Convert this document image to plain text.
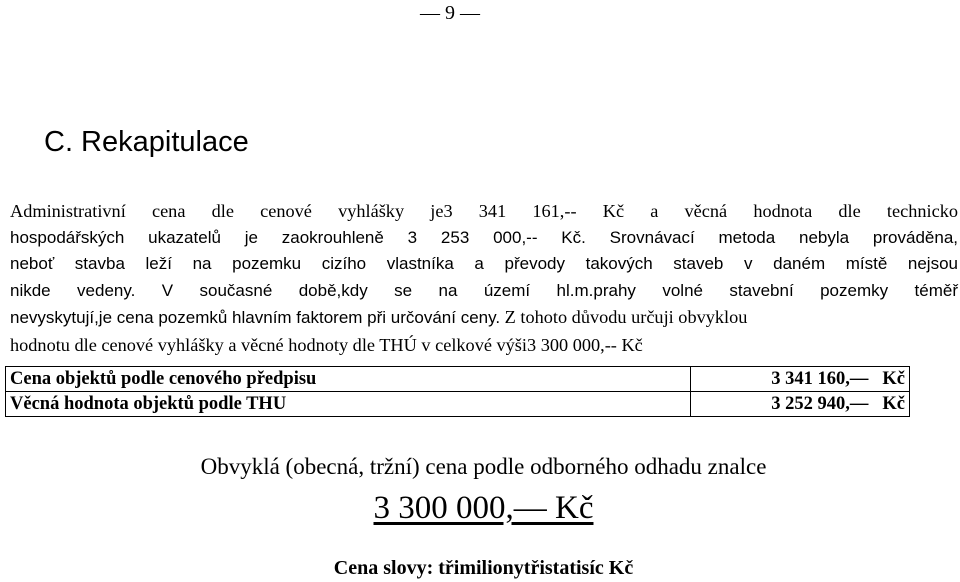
— 9 —
C. Rekapitulace
Administrativní cena dle cenové vyhlášky je3 341 161,-- Kč a věcná hodnota dle technicko
hospodářských ukazatelů je zaokrouhleně 3 253 000,-- Kč. Srovnávací metoda nebyla prováděna,
neboť stavba leží na pozemku cizího vlastníka a převody takových staveb v daném místě nejsou
nikde vedeny. V současné době,kdy se na území hl.m.prahy volné stavební pozemky téměř
nevyskytují,je cena pozemků hlavním faktorem při určování ceny. Z tohoto důvodu určuji obvyklou
hodnotu dle cenové vyhlášky a věcné hodnoty dle THÚ v celkové výši3 300 000,-- Kč
Cena objektů podle cenového předpisu	3 341 160,— Kč
Věcná hodnota objektů podle THU	3 252 940,— Kč
Obvyklá (obecná, tržní) cena podle odborného odhadu znalce
3 300 000,— Kč
Cena slovy: třimilionytřistatisíc Kč
